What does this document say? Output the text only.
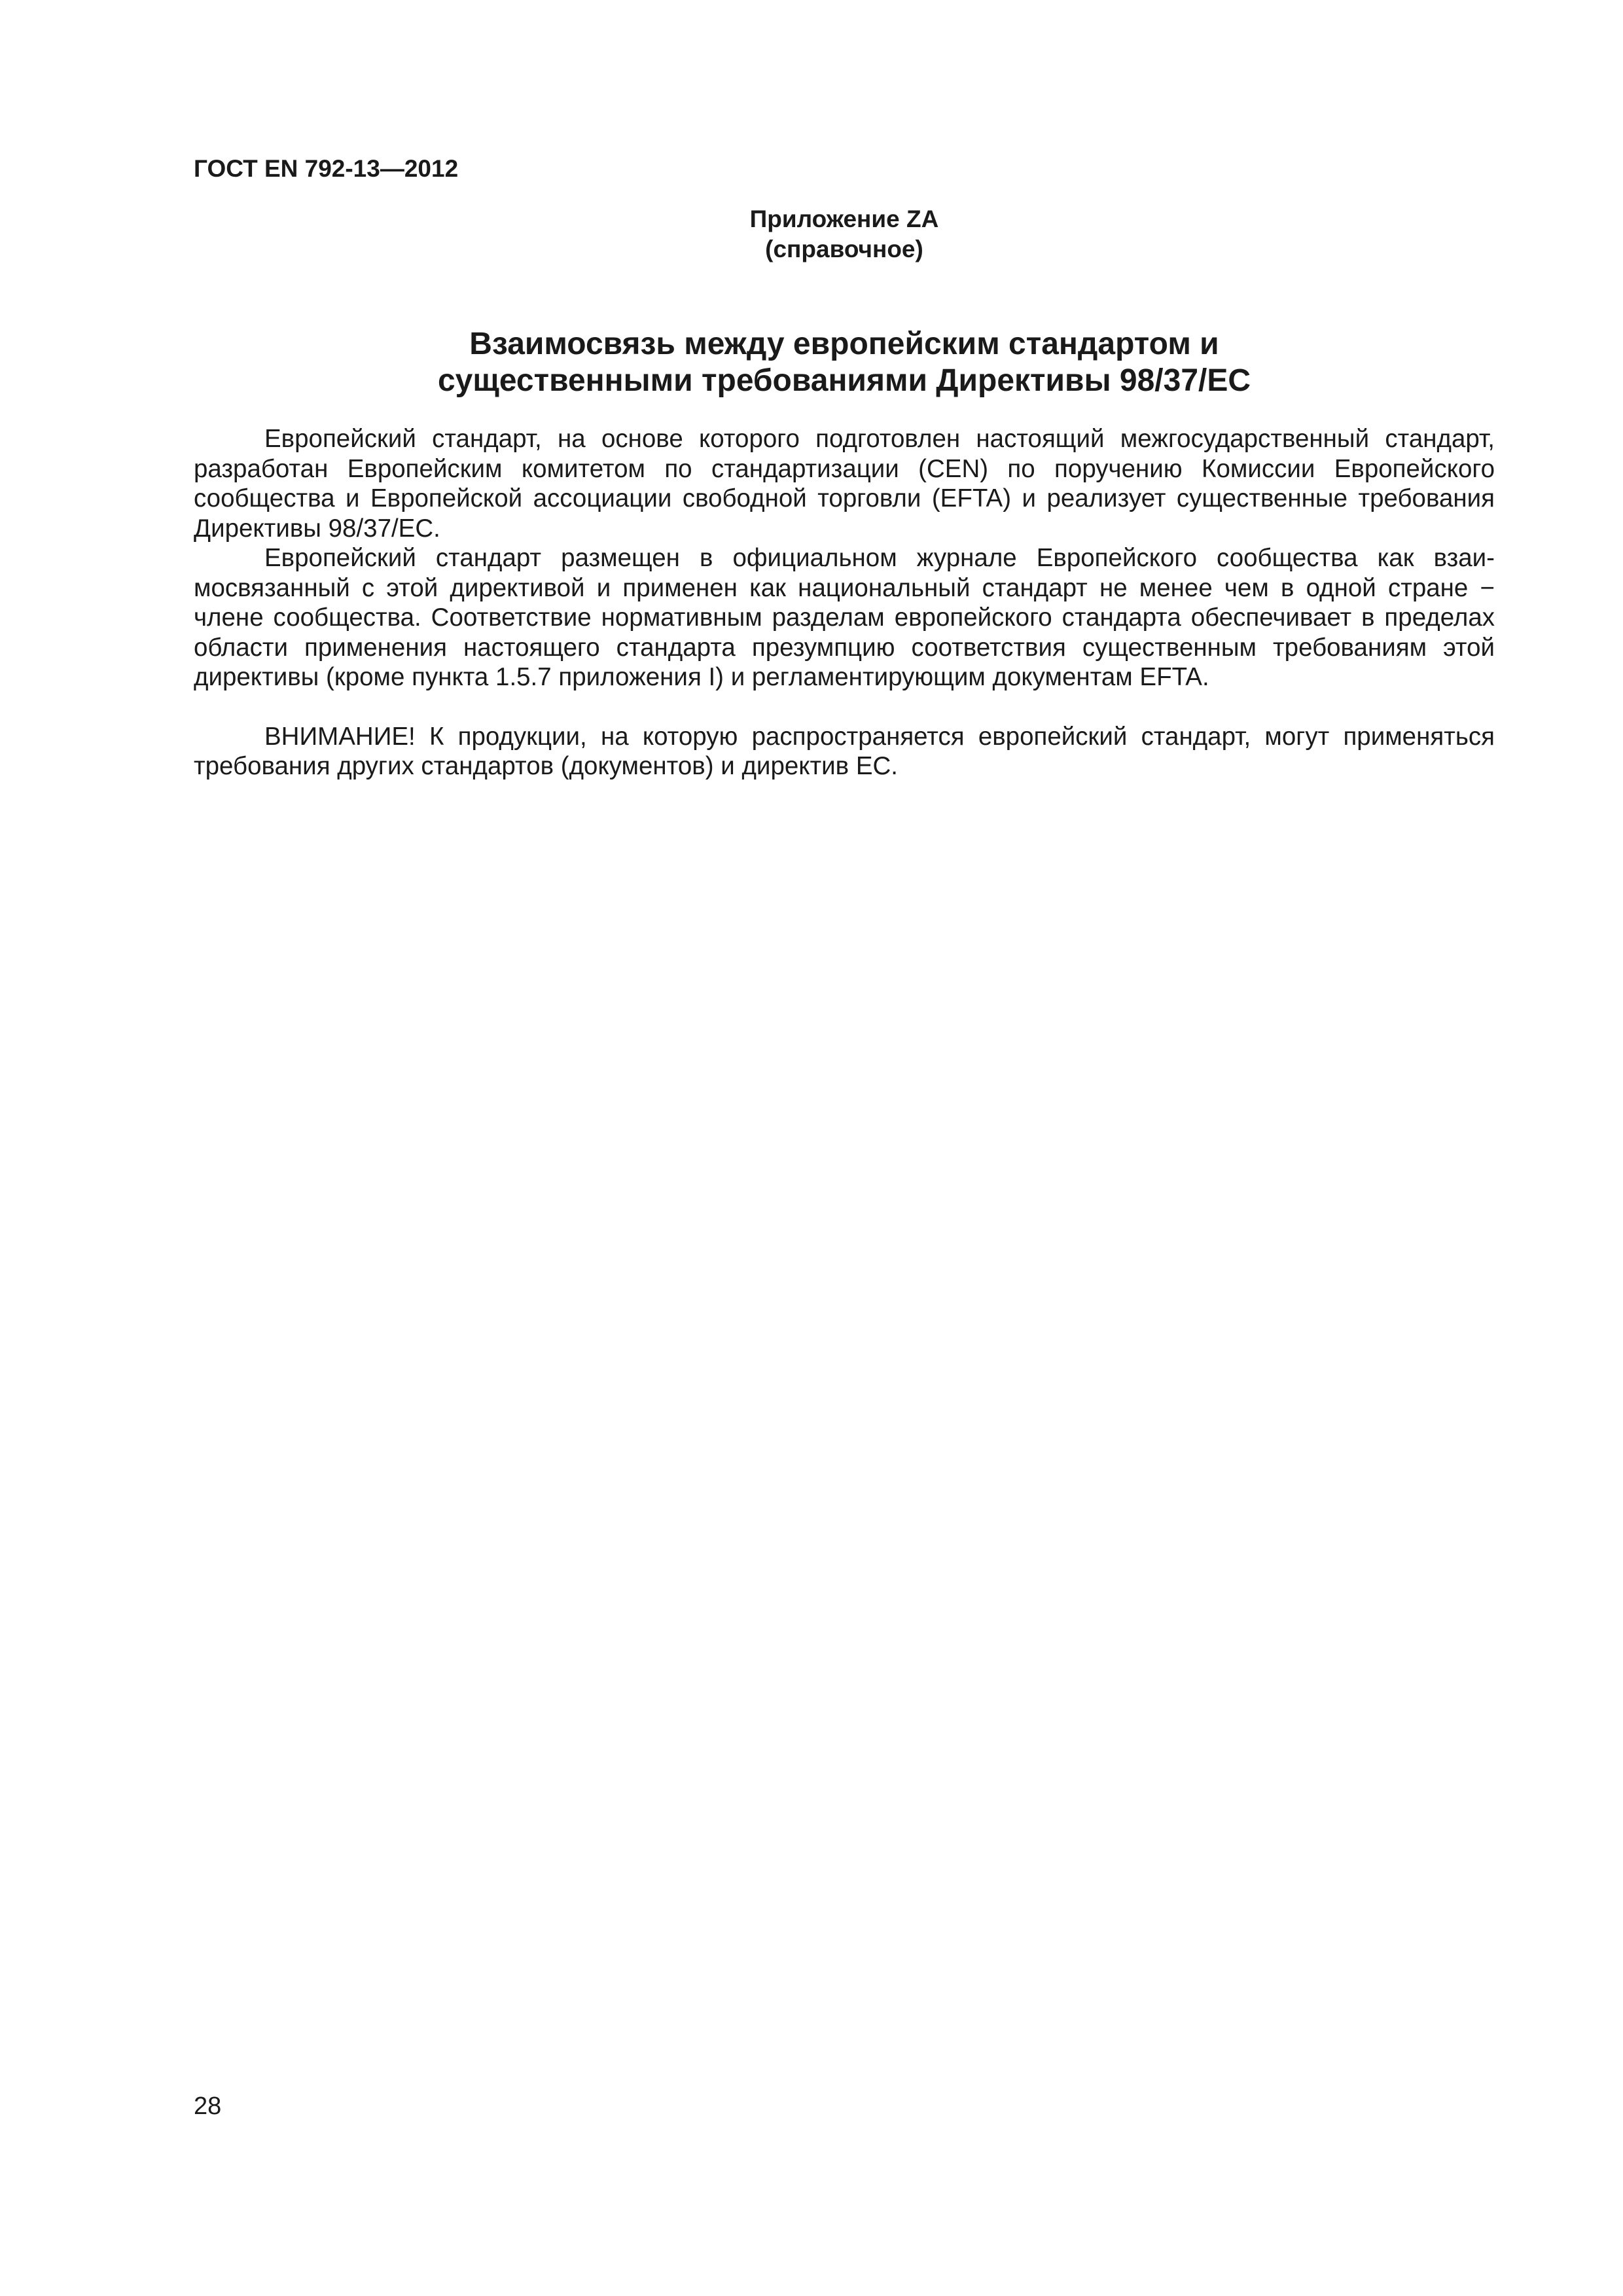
ГОСТ EN 792-13—2012
Приложение ZA
(справочное)
Взаимосвязь между европейским стандартом и
существенными требованиями Директивы 98/37/ЕС

Европейский стандарт, на основе которого подготовлен настоящий межгосударственный стандарт, разработан Европейским комитетом по стандартизации (CEN) по поручению Комиссии Европейского сообщества и Европейской ассоциации свободной торговли (EFTA) и реализует существенные требования Директивы 98/37/ЕС.

Европейский стандарт размещен в официальном журнале Европейского сообщества как взаимосвязанный с этой директивой и применен как национальный стандарт не менее чем в одной стране − члене сообщества. Соответствие нормативным разделам европейского стандарта обеспечивает в пределах области применения настоящего стандарта презумпцию соответствия существенным требованиям этой директивы (кроме пункта 1.5.7 приложения I) и регламентирующим документам EFTA.

ВНИМАНИЕ! К продукции, на которую распространяется европейский стандарт, могут применяться требования других стандартов (документов) и директив ЕС.

28
